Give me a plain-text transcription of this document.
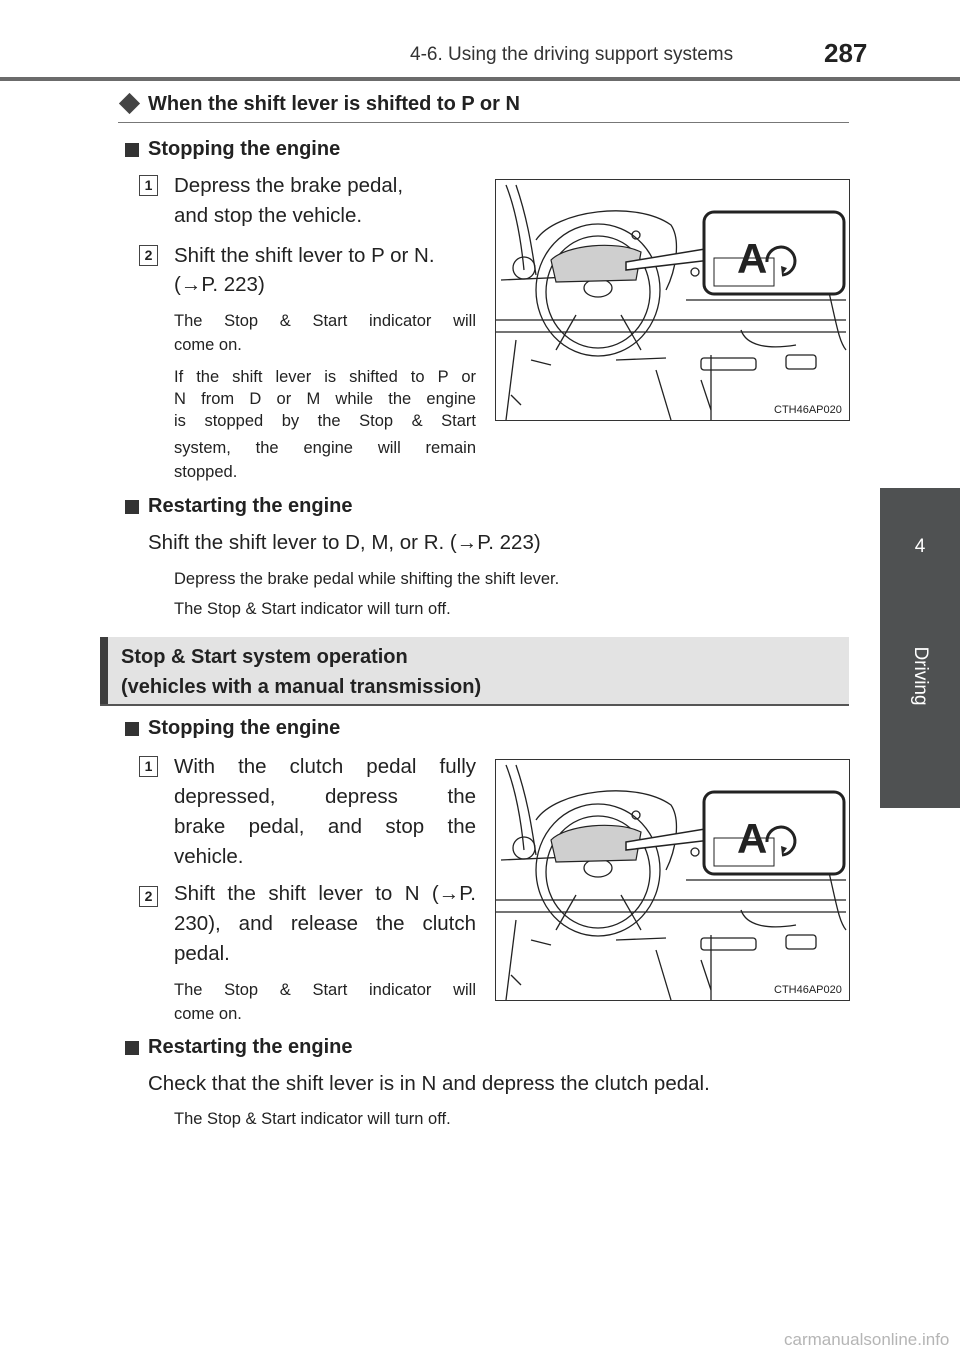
4-6. Using the driving support systems	287
4
Driving
When the shift lever is shifted to P or N
Stopping the engine
1 Depress the brake pedal,
and stop the vehicle.
2 Shift the shift lever to P or N.
(→P. 223)
The Stop & Start indicator will
come on.
If the shift lever is shifted to P or
N from D or M while the engine
is stopped by the Stop & Start
system, the engine will remain
stopped.
A
CTH46AP020
Restarting the engine
Shift the shift lever to D, M, or R. (→P. 223)
Depress the brake pedal while shifting the shift lever.
The Stop & Start indicator will turn off.
Stop & Start system operation
(vehicles with a manual transmission)
Stopping the engine
1 With the clutch pedal fully
depressed, depress the
brake pedal, and stop the
vehicle.
2 Shift the shift lever to N (→P.
230), and release the clutch
pedal.
The Stop & Start indicator will
come on.
A
CTH46AP020
Restarting the engine
Check that the shift lever is in N and depress the clutch pedal.
The Stop & Start indicator will turn off.
carmanualsonline.info
